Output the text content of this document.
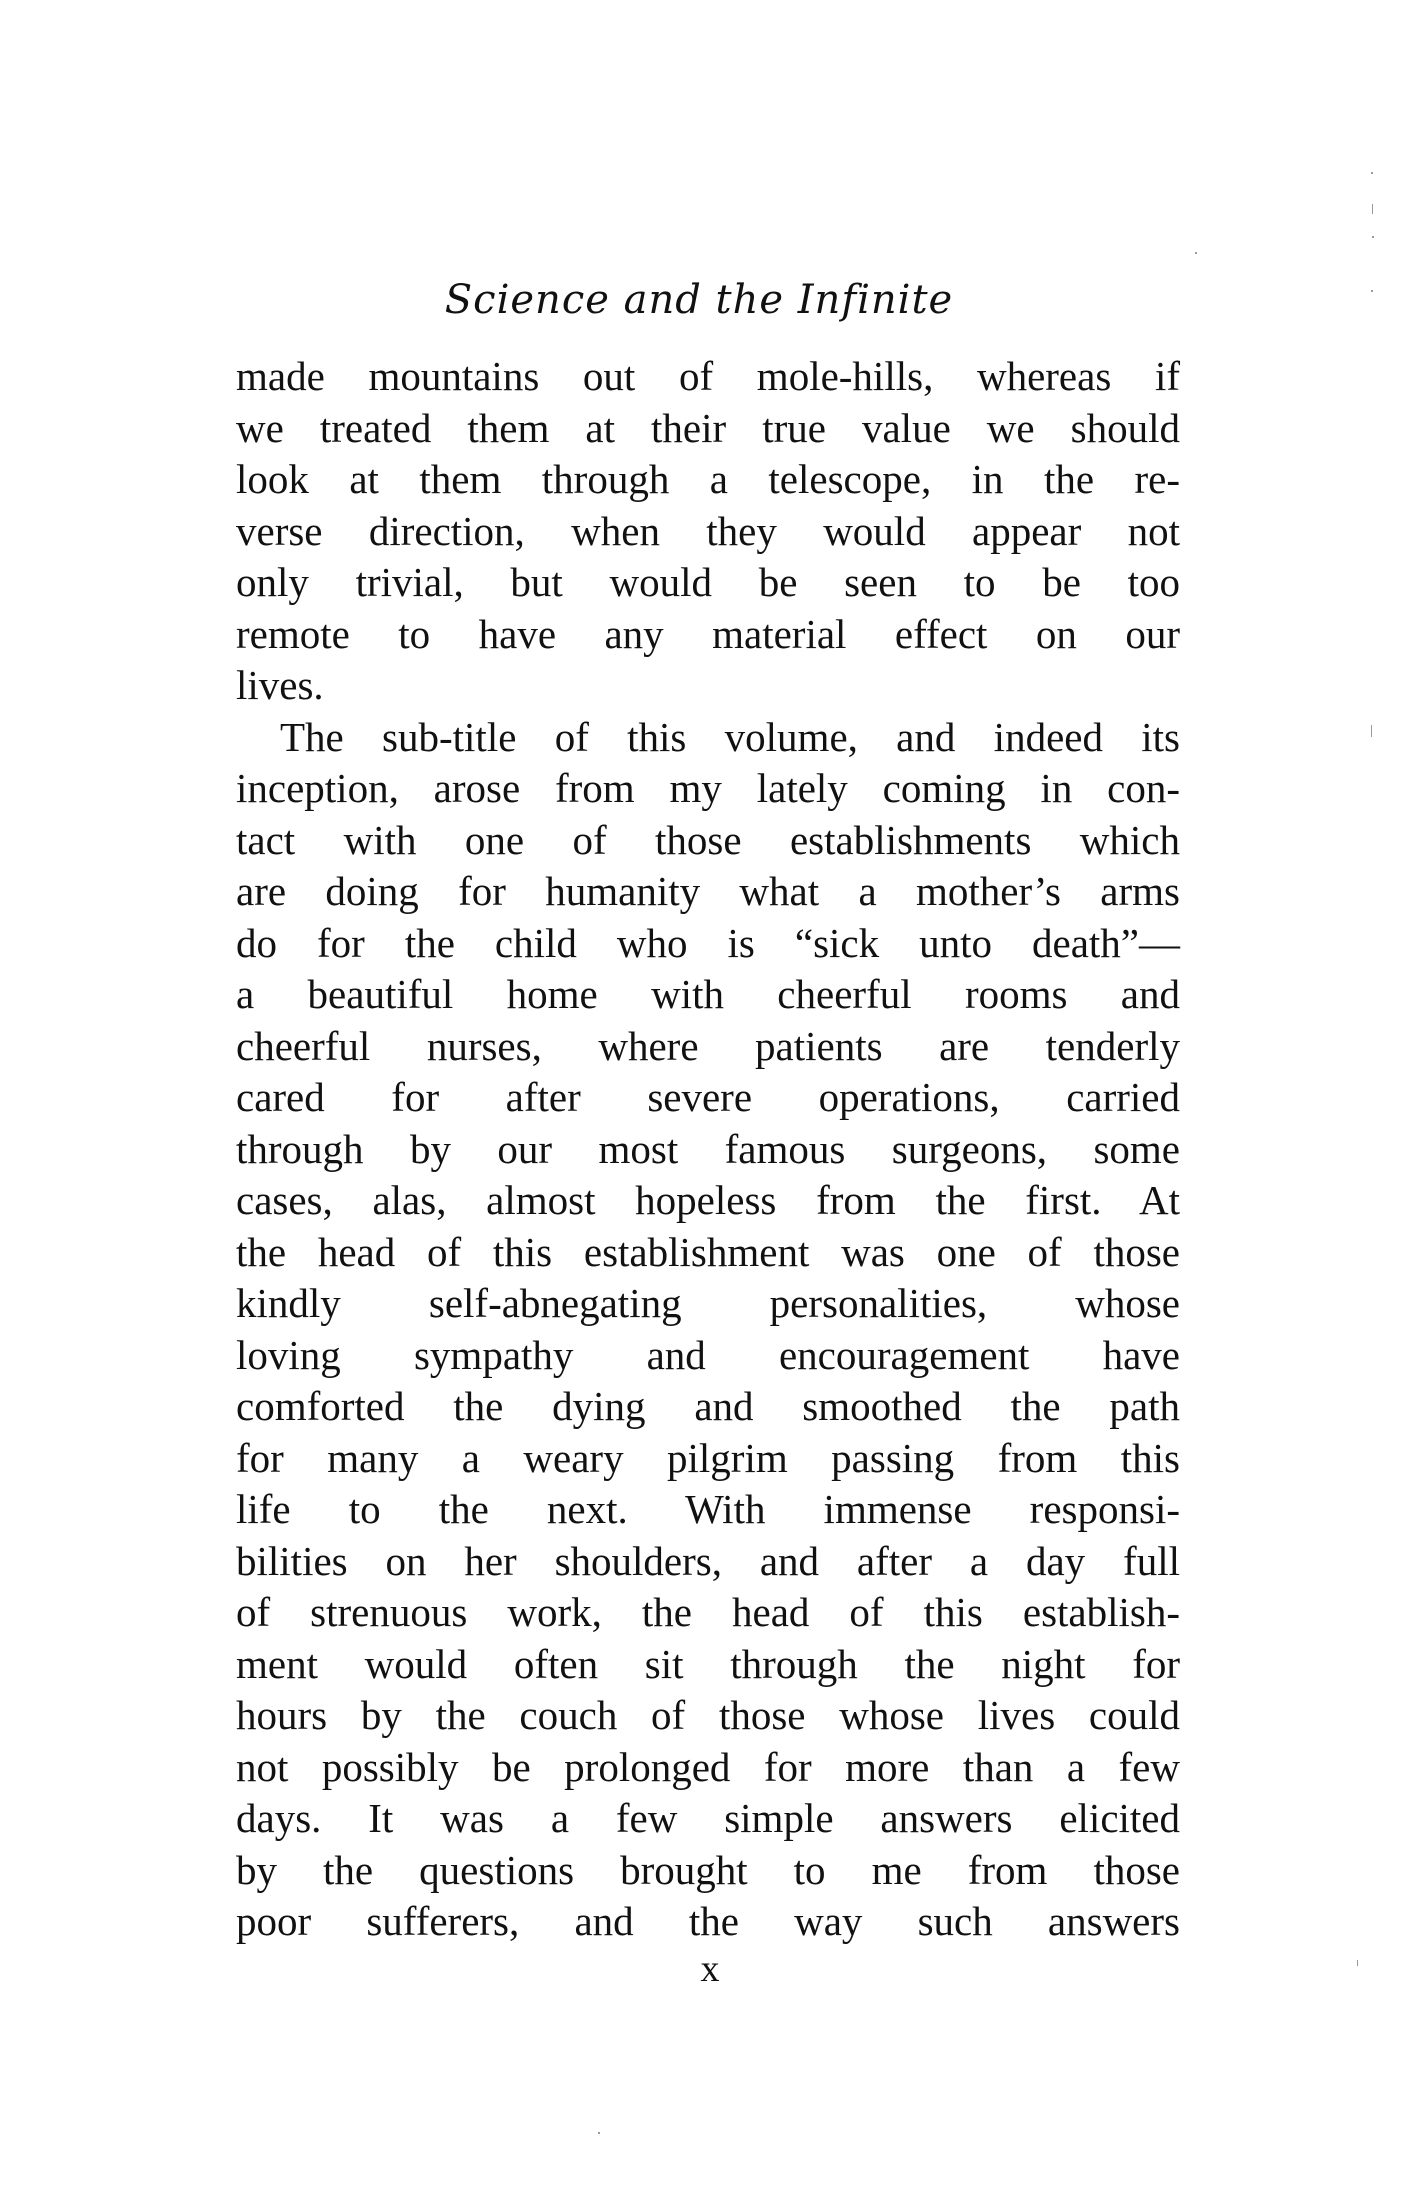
Science and the Infinite
made mountains out of mole-hills, whereas if
we treated them at their true value we should
look at them through a telescope, in the re-
verse direction, when they would appear not
only trivial, but would be seen to be too
remote to have any material effect on our
lives.
The sub-title of this volume, and indeed its
inception, arose from my lately coming in con-
tact with one of those establishments which
are doing for humanity what a mother’s arms
do for the child who is “sick unto death”—
a beautiful home with cheerful rooms and
cheerful nurses, where patients are tenderly
cared for after severe operations, carried
through by our most famous surgeons, some
cases, alas, almost hopeless from the first. At
the head of this establishment was one of those
kindly self-abnegating personalities, whose
loving sympathy and encouragement have
comforted the dying and smoothed the path
for many a weary pilgrim passing from this
life to the next. With immense responsi-
bilities on her shoulders, and after a day full
of strenuous work, the head of this establish-
ment would often sit through the night for
hours by the couch of those whose lives could
not possibly be prolonged for more than a few
days. It was a few simple answers elicited
by the questions brought to me from those
poor sufferers, and the way such answers
x
